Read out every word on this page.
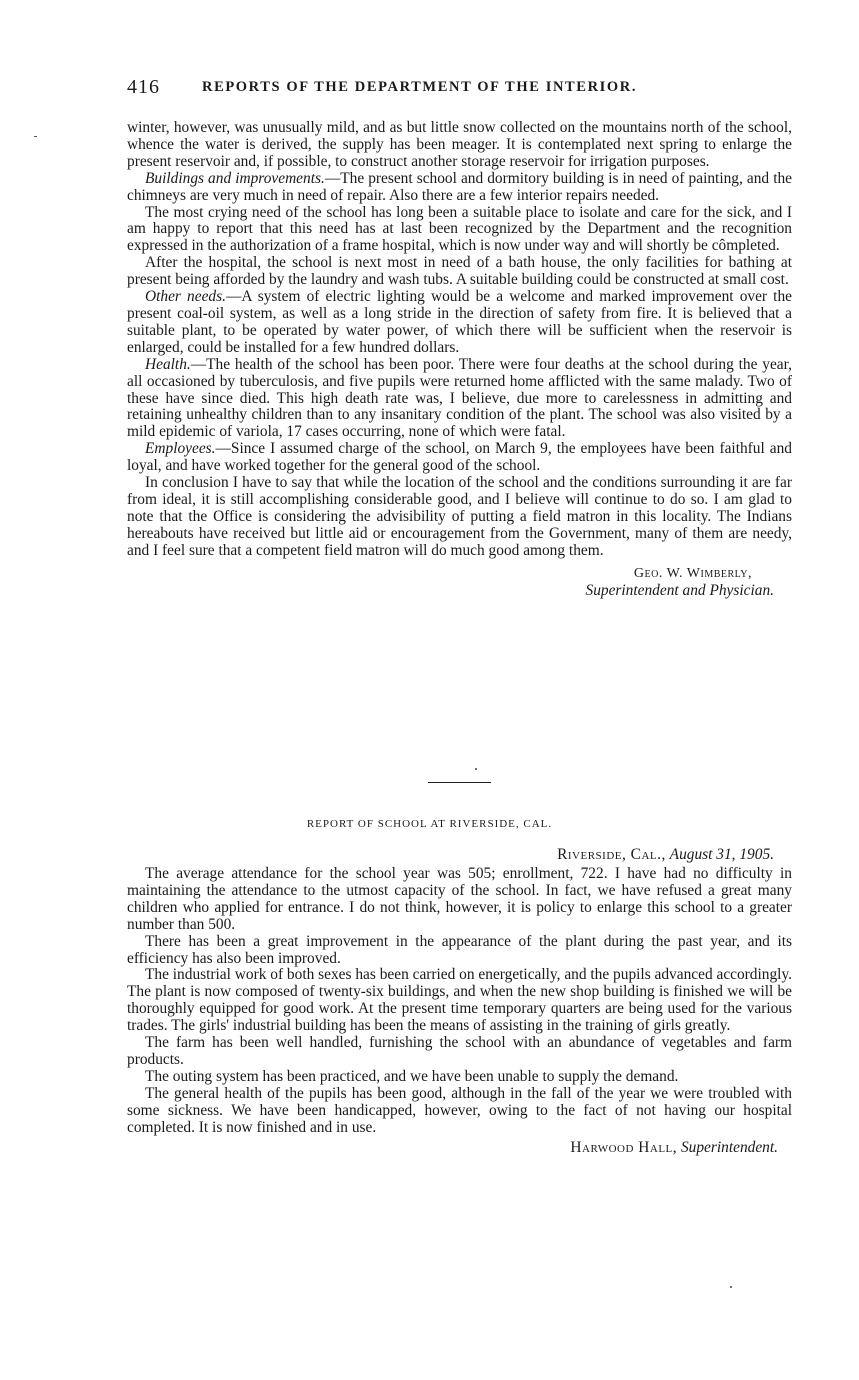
416	REPORTS OF THE DEPARTMENT OF THE INTERIOR.

winter, however, was unusually mild, and as but little snow collected on the mountains north of the school, whence the water is derived, the supply has been meager. It is contemplated next spring to enlarge the present reservoir and, if possible, to construct another storage reservoir for irrigation purposes.

Buildings and improvements.—The present school and dormitory building is in need of painting, and the chimneys are very much in need of repair. Also there are a few interior repairs needed.

The most crying need of the school has long been a suitable place to isolate and care for the sick, and I am happy to report that this need has at last been recognized by the Department and the recognition expressed in the authorization of a frame hospital, which is now under way and will shortly be cômpleted.

After the hospital, the school is next most in need of a bath house, the only facilities for bathing at present being afforded by the laundry and wash tubs. A suitable building could be constructed at small cost.

Other needs.—A system of electric lighting would be a welcome and marked improvement over the present coal-oil system, as well as a long stride in the direction of safety from fire. It is believed that a suitable plant, to be operated by water power, of which there will be sufficient when the reservoir is enlarged, could be installed for a few hundred dollars.

Health.—The health of the school has been poor. There were four deaths at the school during the year, all occasioned by tuberculosis, and five pupils were returned home afflicted with the same malady. Two of these have since died. This high death rate was, I believe, due more to carelessness in admitting and retaining unhealthy children than to any insanitary condition of the plant. The school was also visited by a mild epidemic of variola, 17 cases occurring, none of which were fatal.

Employees.—Since I assumed charge of the school, on March 9, the employees have been faithful and loyal, and have worked together for the general good of the school.

In conclusion I have to say that while the location of the school and the conditions surrounding it are far from ideal, it is still accomplishing considerable good, and I believe will continue to do so. I am glad to note that the Office is considering the advisibility of putting a field matron in this locality. The Indians hereabouts have received but little aid or encouragement from the Government, many of them are needy, and I feel sure that a competent field matron will do much good among them.

Geo. W. Wimberly,
Superintendent and Physician.
REPORT OF SCHOOL AT RIVERSIDE, CAL.
Riverside, Cal., August 31, 1905.

The average attendance for the school year was 505; enrollment, 722. I have had no difficulty in maintaining the attendance to the utmost capacity of the school. In fact, we have refused a great many children who applied for entrance. I do not think, however, it is policy to enlarge this school to a greater number than 500.

There has been a great improvement in the appearance of the plant during the past year, and its efficiency has also been improved.

The industrial work of both sexes has been carried on energetically, and the pupils advanced accordingly. The plant is now composed of twenty-six buildings, and when the new shop building is finished we will be thoroughly equipped for good work. At the present time temporary quarters are being used for the various trades. The girls' industrial building has been the means of assisting in the training of girls greatly.

The farm has been well handled, furnishing the school with an abundance of vegetables and farm products.

The outing system has been practiced, and we have been unable to supply the demand.

The general health of the pupils has been good, although in the fall of the year we were troubled with some sickness. We have been handicapped, however, owing to the fact of not having our hospital completed. It is now finished and in use.

Harwood Hall, Superintendent.
